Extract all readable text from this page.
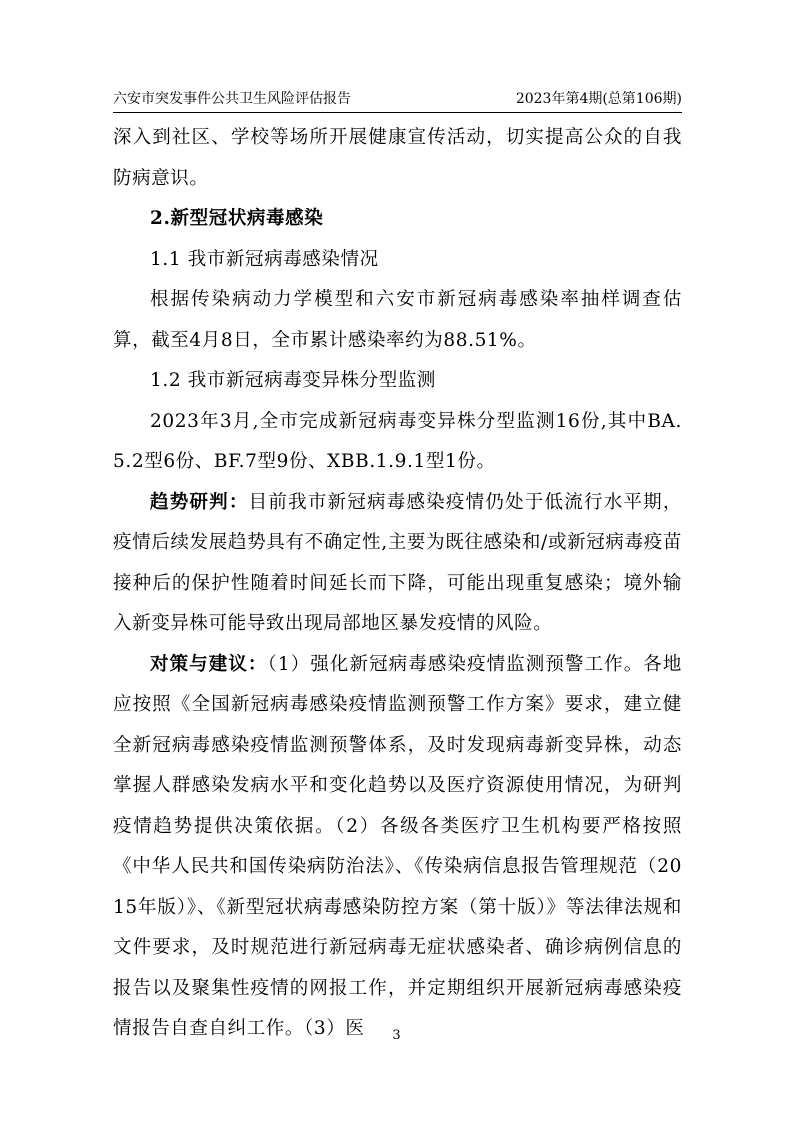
六安市突发事件公共卫生风险评估报告	2023年第4期(总第106期)

深入到社区、学校等场所开展健康宣传活动，切实提高公众的自我防病意识。

2.新型冠状病毒感染

1.1 我市新冠病毒感染情况

根据传染病动力学模型和六安市新冠病毒感染率抽样调查估算，截至4月8日，全市累计感染率约为88.51%。

1.2 我市新冠病毒变异株分型监测

2023年3月,全市完成新冠病毒变异株分型监测16份,其中BA.5.2型6份、BF.7型9份、XBB.1.9.1型1份。

趋势研判：目前我市新冠病毒感染疫情仍处于低流行水平期，疫情后续发展趋势具有不确定性,主要为既往感染和/或新冠病毒疫苗接种后的保护性随着时间延长而下降，可能出现重复感染；境外输入新变异株可能导致出现局部地区暴发疫情的风险。

对策与建议：（1）强化新冠病毒感染疫情监测预警工作。各地应按照《全国新冠病毒感染疫情监测预警工作方案》要求，建立健全新冠病毒感染疫情监测预警体系，及时发现病毒新变异株，动态掌握人群感染发病水平和变化趋势以及医疗资源使用情况，为研判疫情趋势提供决策依据。（2）各级各类医疗卫生机构要严格按照《中华人民共和国传染病防治法》、《传染病信息报告管理规范（2015年版）》、《新型冠状病毒感染防控方案（第十版）》等法律法规和文件要求，及时规范进行新冠病毒无症状感染者、确诊病例信息的报告以及聚集性疫情的网报工作，并定期组织开展新冠病毒感染疫情报告自查自纠工作。（3）医	3
